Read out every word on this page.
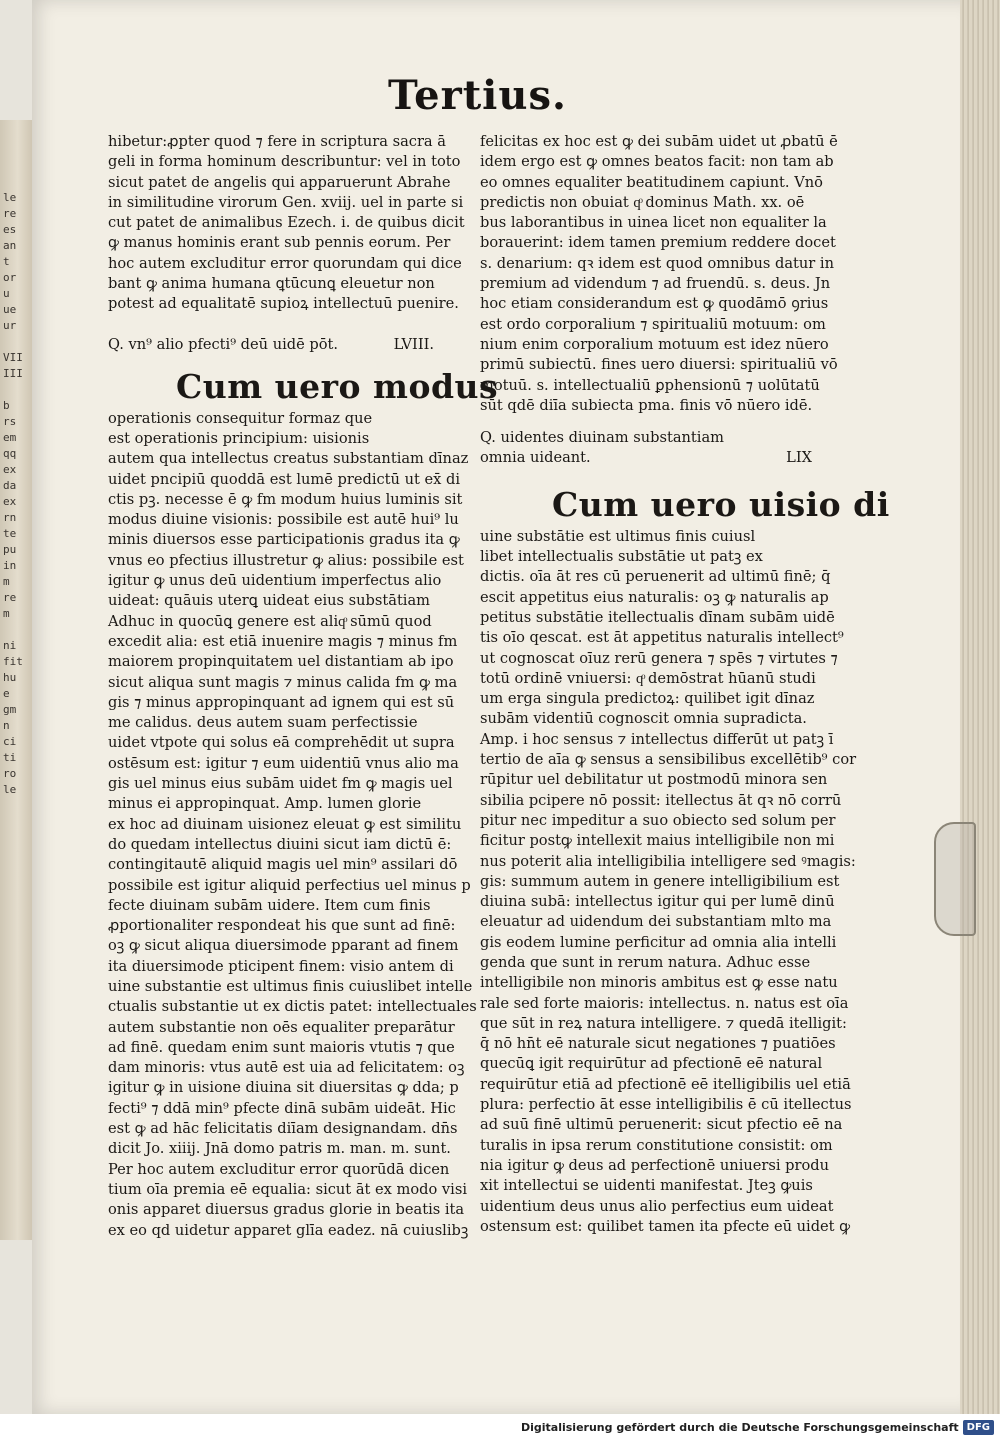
le
re
es
an
t
or
u
ue
ur

VII
III

b
rs
em
qq
ex
da
ex
rn
te
pu
in
m
re
m

ni
fit
hu
e
gm
n
ci
ti
ro
le
Tertius.
hibetur:ꝓpter quod ⁊ fere in scriptura sacra ā
geli in forma hominum describuntur: vel in toto
sicut patet de angelis qui apparuerunt Abrahe
in similitudine virorum Gen. xviij. uel in parte si
cut patet de animalibus Ezech. i. de quibus dicit
ꝙ manus hominis erant sub pennis eorum. Per
hoc autem excluditur error quorundam qui dice
bant ꝙ anima humana ꝗtūcunꝗ eleuetur non
potest ad equalitatē supioꝝ intellectuū puenire.
Q. vn⁹ alio pfecti⁹ deū uidē pōt.	LVIII.
Cum uero modus
operationis consequitur formaz que
est operationis principium: uisionis
autem qua intellectus creatus substantiam dīnaz
uidet pncipiū quoddā est lumē predictū ut ex̄ di
ctis pꝫ. necesse ē ꝙ fm modum huius luminis sit
modus diuine visionis: possibile est autē hui⁹ lu
minis diuersos esse participationis gradus ita ꝙ
vnus eo pfectius illustretur ꝙ alius: possibile est
igitur ꝙ unus deū uidentium imperfectus alio
uideat: quāuis uterꝗ uideat eius substātiam
Adhuc in quocūꝗ genere est aliqͦ sūmū quod
excedit alia: est etiā inuenire magis ⁊ minus fm
maiorem propinquitatem uel distantiam ab ipo
sicut aliqua sunt magis ⁊ minus calida fm ꝙ ma
gis ⁊ minus appropinquant ad ignem qui est sū
me calidus. deus autem suam perfectissie
uidet vtpote qui solus eā comprehēdit ut supra
ostēsum est: igitur ⁊ eum uidentiū vnus alio ma
gis uel minus eius subām uidet fm ꝙ magis uel
minus ei appropinquat. Amp. lumen glorie
ex hoc ad diuinam uisionez eleuat ꝙ est similitu
do quedam intellectus diuini sicut iam dictū ē:
contingitautē aliquid magis uel min⁹ assilari dō
possibile est igitur aliquid perfectius uel minus p
fecte diuinam subām uidere. Item cum finis
ꝓportionaliter respondeat his que sunt ad finē:
oꝫ ꝙ sicut aliqua diuersimode pparant ad finem
ita diuersimode pticipent finem: visio antem di
uine substantie est ultimus finis cuiuslibet intelle
ctualis substantie ut ex dictis patet: intellectuales
autem substantie non oēs equaliter preparātur
ad finē. quedam enim sunt maioris vtutis ⁊ que
dam minoris: vtus autē est uia ad felicitatem: oꝫ
igitur ꝙ in uisione diuina sit diuersitas ꝙ dda; p
fecti⁹ ⁊ ddā min⁹ pfecte dinā subām uideāt. Hic
est ꝙ ad hāc felicitatis diīam designandam. dn̄s
dicit Jo. xiiij. Jnā domo patris m. man. m. sunt.
Per hoc autem excluditur error quorūdā dicen
tium oīa premia eē equalia: sicut āt ex modo visi
onis apparet diuersus gradus glorie in beatis ita
ex eo qd uidetur apparet glīa eadez. nā cuiuslibꝫ
felicitas ex hoc est ꝙ dei subām uidet ut ꝓbatū ē
idem ergo est ꝙ omnes beatos facit: non tam ab
eo omnes equaliter beatitudinem capiunt. Vnō
predictis non obuiat qͦ dominus Math. xx. oē
bus laborantibus in uinea licet non equaliter la
borauerint: idem tamen premium reddere docet
s. denarium: qꝛ idem est quod omnibus datur in
premium ad videndum ⁊ ad fruendū. s. deus. Jn
hoc etiam considerandum est ꝙ quodāmō ꝯrius
est ordo corporalium ⁊ spiritualiū motuum: om
nium enim corporalium motuum est idez nūero
primū subiectū. fines uero diuersi: spiritualiū vō
motuū. s. intellectualiū ꝑphensionū ⁊ uolūtatū
sūt qdē diīa subiecta pma. finis vō nūero idē.
Q. uidentes diuinam substantiam
omnia uideant.	LIX
Cum uero uisio di
uine substātie est ultimus finis cuiusl
libet intellectualis substātie ut patꝫ ex
dictis. oīa āt res cū peruenerit ad ultimū finē; q̄
escit appetitus eius naturalis: oꝫ ꝙ naturalis ap
petitus substātie itellectualis dīnam subām uidē
tis oīo qescat. est āt appetitus naturalis intellect⁹
ut cognoscat oīuz rerū genera ⁊ spēs ⁊ virtutes ⁊
totū ordinē vniuersi: qͦ demōstrat hūanū studi
um erga singula predictoꝝ: quilibet igit dīnaz
subām videntiū cognoscit omnia supradicta.
Amp. i hoc sensus ⁊ intellectus differūt ut patꝫ ī
tertio de aīa ꝙ sensus a sensibilibus excellētib⁹ cor
rūpitur uel debilitatur ut postmodū minora sen
sibilia pcipere nō possit: itellectus āt qꝛ nō corrū
pitur nec impeditur a suo obiecto sed solum per
ficitur postꝙ intellexit maius intelligibile non mi
nus poterit alia intelligibilia intelligere sed ꝰmagis:
gis: summum autem in genere intelligibilium est
diuina subā: intellectus igitur qui per lumē dinū
eleuatur ad uidendum dei substantiam mlto ma
gis eodem lumine perficitur ad omnia alia intelli
genda que sunt in rerum natura. Adhuc esse
intelligibile non minoris ambitus est ꝙ esse natu
rale sed forte maioris: intellectus. n. natus est oīa
que sūt in reꝝ natura intelligere. ⁊ quedā itelligit:
q̄ nō hn̄t eē naturale sicut negationes ⁊ puatiōes
quecūꝗ igit requirūtur ad pfectionē eē natural
requirūtur etiā ad pfectionē eē itelligibilis uel etiā
plura: perfectio āt esse intelligibilis ē cū itellectus
ad suū finē ultimū peruenerit: sicut pfectio eē na
turalis in ipsa rerum constitutione consistit: om
nia igitur ꝙ deus ad perfectionē uniuersi produ
xit intellectui se uidenti manifestat. Jteꝫ ꝙuis
uidentium deus unus alio perfectius eum uideat
ostensum est: quilibet tamen ita pfecte eū uidet ꝙ
Digitalisierung gefördert durch die Deutsche Forschungsgemeinschaft DFG
